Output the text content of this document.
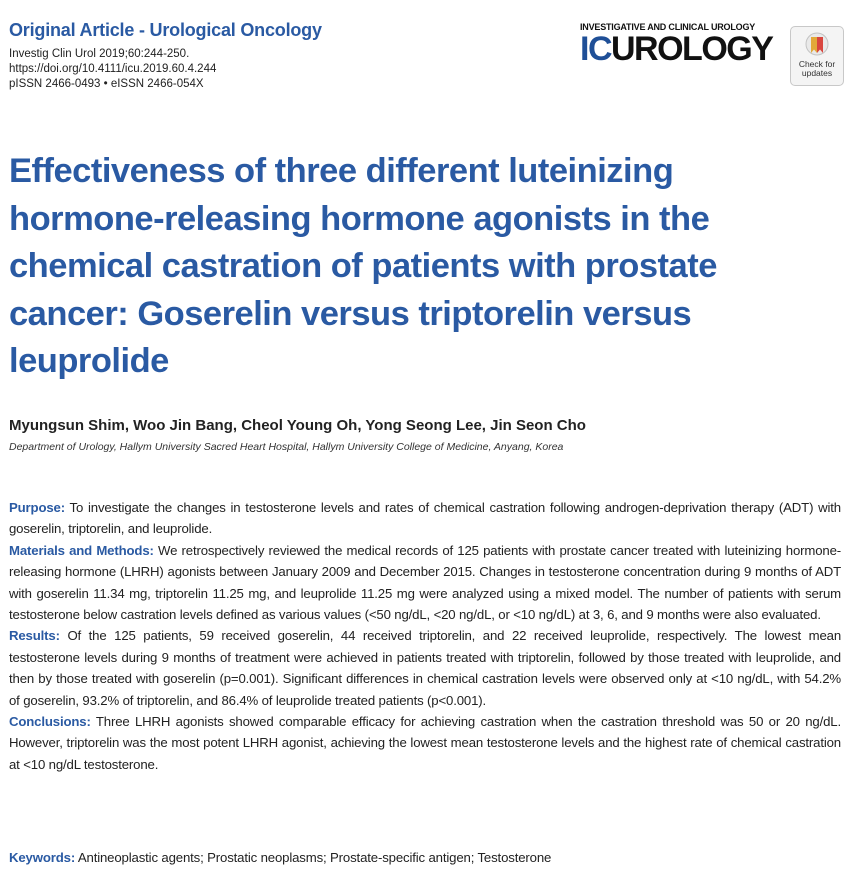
Original Article - Urological Oncology
Investig Clin Urol 2019;60:244-250.
https://doi.org/10.4111/icu.2019.60.4.244
pISSN 2466-0493 • eISSN 2466-054X
INVESTIGATIVE AND CLINICAL UROLOGY
ICUROLOGY	Check for
updates
Effectiveness of three different luteinizing hormone-releasing hormone agonists in the chemical castration of patients with prostate cancer: Goserelin versus triptorelin versus leuprolide
Myungsun Shim, Woo Jin Bang, Cheol Young Oh, Yong Seong Lee, Jin Seon Cho
Department of Urology, Hallym University Sacred Heart Hospital, Hallym University College of Medicine, Anyang, Korea

Purpose: To investigate the changes in testosterone levels and rates of chemical castration following androgen-deprivation therapy (ADT) with goserelin, triptorelin, and leuprolide.

Materials and Methods: We retrospectively reviewed the medical records of 125 patients with prostate cancer treated with luteinizing hormone-releasing hormone (LHRH) agonists between January 2009 and December 2015. Changes in testosterone concentration during 9 months of ADT with goserelin 11.34 mg, triptorelin 11.25 mg, and leuprolide 11.25 mg were analyzed using a mixed model. The number of patients with serum testosterone below castration levels defined as various values (<50 ng/dL, <20 ng/dL, or <10 ng/dL) at 3, 6, and 9 months were also evaluated.

Results: Of the 125 patients, 59 received goserelin, 44 received triptorelin, and 22 received leuprolide, respectively. The lowest mean testosterone levels during 9 months of treatment were achieved in patients treated with triptorelin, followed by those treated with leuprolide, and then by those treated with goserelin (p=0.001). Significant differences in chemical castration levels were observed only at <10 ng/dL, with 54.2% of goserelin, 93.2% of triptorelin, and 86.4% of leuprolide treated patients (p<0.001).

Conclusions: Three LHRH agonists showed comparable efficacy for achieving castration when the castration threshold was 50 or 20 ng/dL. However, triptorelin was the most potent LHRH agonist, achieving the lowest mean testosterone levels and the highest rate of chemical castration at <10 ng/dL testosterone.

Keywords: Antineoplastic agents; Prostatic neoplasms; Prostate-specific antigen; Testosterone
